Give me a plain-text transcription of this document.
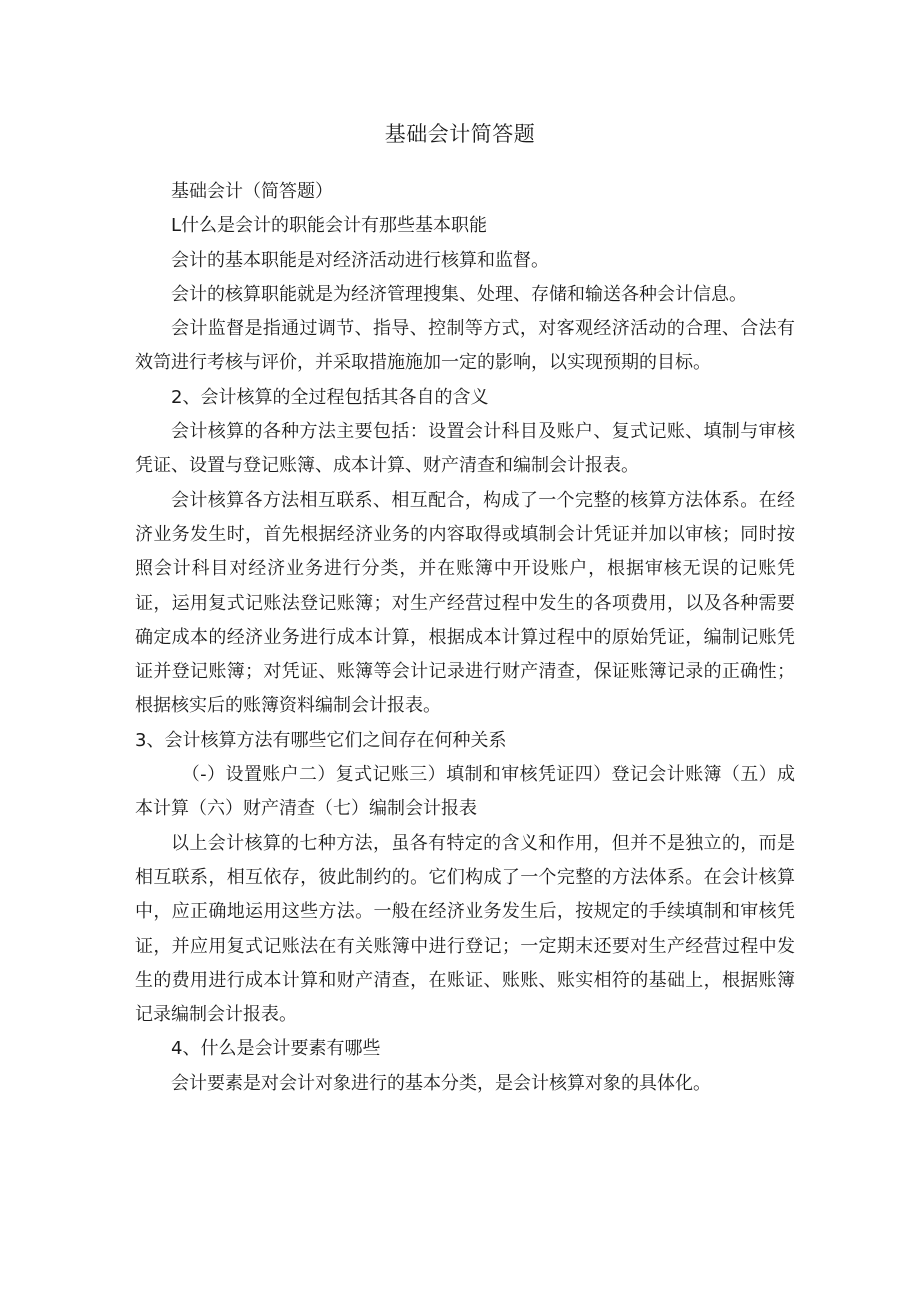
基础会计简答题

基础会计（简答题）

L什么是会计的职能会计有那些基本职能

会计的基本职能是对经济活动进行核算和监督。

会计的核算职能就是为经济管理搜集、处理、存储和输送各种会计信息。

会计监督是指通过调节、指导、控制等方式，对客观经济活动的合理、合法有效笥进行考核与评价，并采取措施施加一定的影响，以实现预期的目标。

2、会计核算的全过程包括其各自的含义

会计核算的各种方法主要包括：设置会计科目及账户、复式记账、填制与审核凭证、设置与登记账簿、成本计算、财产清查和编制会计报表。

会计核算各方法相互联系、相互配合，构成了一个完整的核算方法体系。在经济业务发生时，首先根据经济业务的内容取得或填制会计凭证并加以审核；同时按照会计科目对经济业务进行分类，并在账簿中开设账户，根据审核无误的记账凭证，运用复式记账法登记账簿；对生产经营过程中发生的各项费用，以及各种需要确定成本的经济业务进行成本计算，根据成本计算过程中的原始凭证，编制记账凭证并登记账簿；对凭证、账簿等会计记录进行财产清查，保证账簿记录的正确性；根据核实后的账簿资料编制会计报表。

3、会计核算方法有哪些它们之间存在何种关系

（-）设置账户二）复式记账三）填制和审核凭证四）登记会计账簿（五）成本计算（六）财产清查（七）编制会计报表

以上会计核算的七种方法，虽各有特定的含义和作用，但并不是独立的，而是相互联系，相互依存，彼此制约的。它们构成了一个完整的方法体系。在会计核算中，应正确地运用这些方法。一般在经济业务发生后，按规定的手续填制和审核凭证，并应用复式记账法在有关账簿中进行登记；一定期末还要对生产经营过程中发生的费用进行成本计算和财产清查，在账证、账账、账实相符的基础上，根据账簿记录编制会计报表。

4、什么是会计要素有哪些

会计要素是对会计对象进行的基本分类，是会计核算对象的具体化。
